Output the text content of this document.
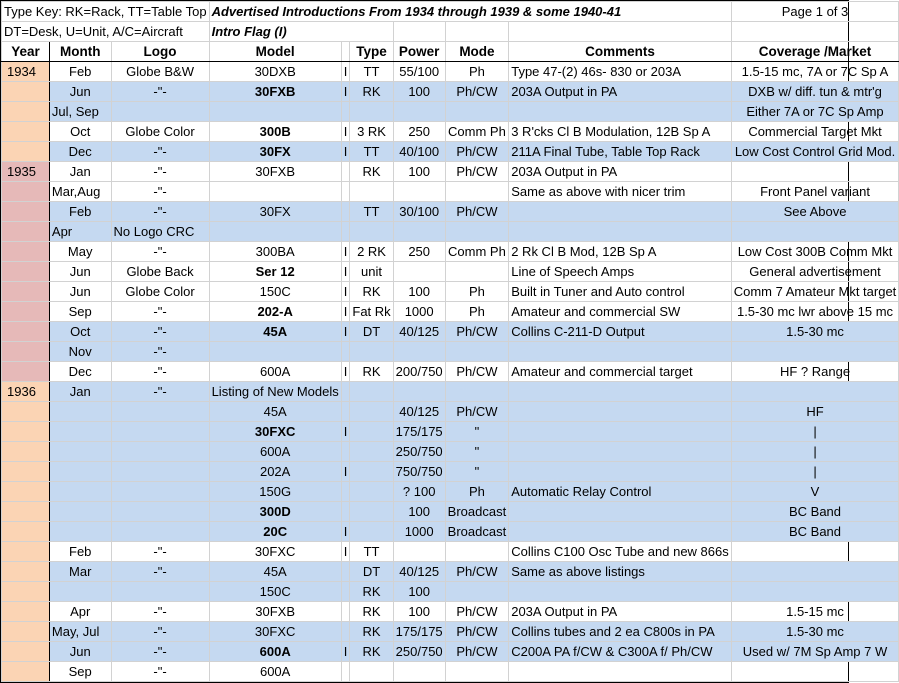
Type Key: RK=Rack, TT=Table Top			Advertised Introductions From 1934 through 1939 & some 1940-41						Page 1 of 3
DT=Desk, U=Unit, A/C=Aircraft			Intro Flag (I)						
Year	Month	Logo	Model		Type	Power	Mode	Comments	Coverage /Market
1934	Feb	Globe B&W	30DXB	I	TT	55/100	Ph	Type 47-(2) 46s- 830 or 203A	1.5-15 mc, 7A or 7C Sp A
	Jun	-"-	30FXB	I	RK	100	Ph/CW	203A Output in PA	DXB w/ diff. tun & mtr'g
	Jul, Sep								Either 7A or 7C Sp Amp
	Oct	Globe Color	300B	I	3 RK	250	Comm Ph	3 R'cks Cl B Modulation, 12B Sp A	Commercial Target Mkt
	Dec	-"-	30FX	I	TT	40/100	Ph/CW	211A Final Tube, Table Top Rack	Low Cost Control Grid Mod.
1935	Jan	-"-	30FXB		RK	100	Ph/CW	203A Output in PA	
	Mar,Aug	-"-						Same as above with nicer trim	Front Panel variant
	Feb	-"-	30FX		TT	30/100	Ph/CW		See Above
	Apr	No Logo CRC							
	May	-"-	300BA	I	2 RK	250	Comm Ph	2 Rk Cl B Mod, 12B Sp A	Low Cost 300B Comm Mkt
	Jun	Globe Back	Ser 12	I	unit			Line of Speech Amps	General advertisement
	Jun	Globe Color	150C	I	RK	100	Ph	Built in Tuner and Auto control	Comm 7 Amateur Mkt target
	Sep	-"-	202-A	I	Fat Rk	1000	Ph	Amateur and commercial SW	1.5-30 mc lwr above 15 mc
	Oct	-"-	45A	I	DT	40/125	Ph/CW	Collins C-211-D Output	1.5-30 mc
	Nov	-"-							
	Dec	-"-	600A	I	RK	200/750	Ph/CW	Amateur and commercial target	HF ? Range
1936	Jan	-"-	Listing of New Models						
			45A			40/125	Ph/CW		HF
			30FXC	I		175/175	"		|
			600A			250/750	"		|
			202A	I		750/750	"		|
			150G			? 100	Ph	Automatic Relay Control	V
			300D			100	Broadcast		BC Band
			20C	I		1000	Broadcast		BC Band
	Feb	-"-	30FXC	I	TT			Collins C100 Osc Tube and new 866s	
	Mar	-"-	45A		DT	40/125	Ph/CW	Same as above listings	
			150C		RK	100			
	Apr	-"-	30FXB		RK	100	Ph/CW	203A Output in PA	1.5-15 mc
	May, Jul	-"-	30FXC		RK	175/175	Ph/CW	Collins tubes and 2 ea C800s in PA	1.5-30 mc
	Jun	-"-	600A	I	RK	250/750	Ph/CW	C200A PA f/CW & C300A f/ Ph/CW	Used w/ 7M Sp Amp 7 W
	Sep	-"-	600A						
